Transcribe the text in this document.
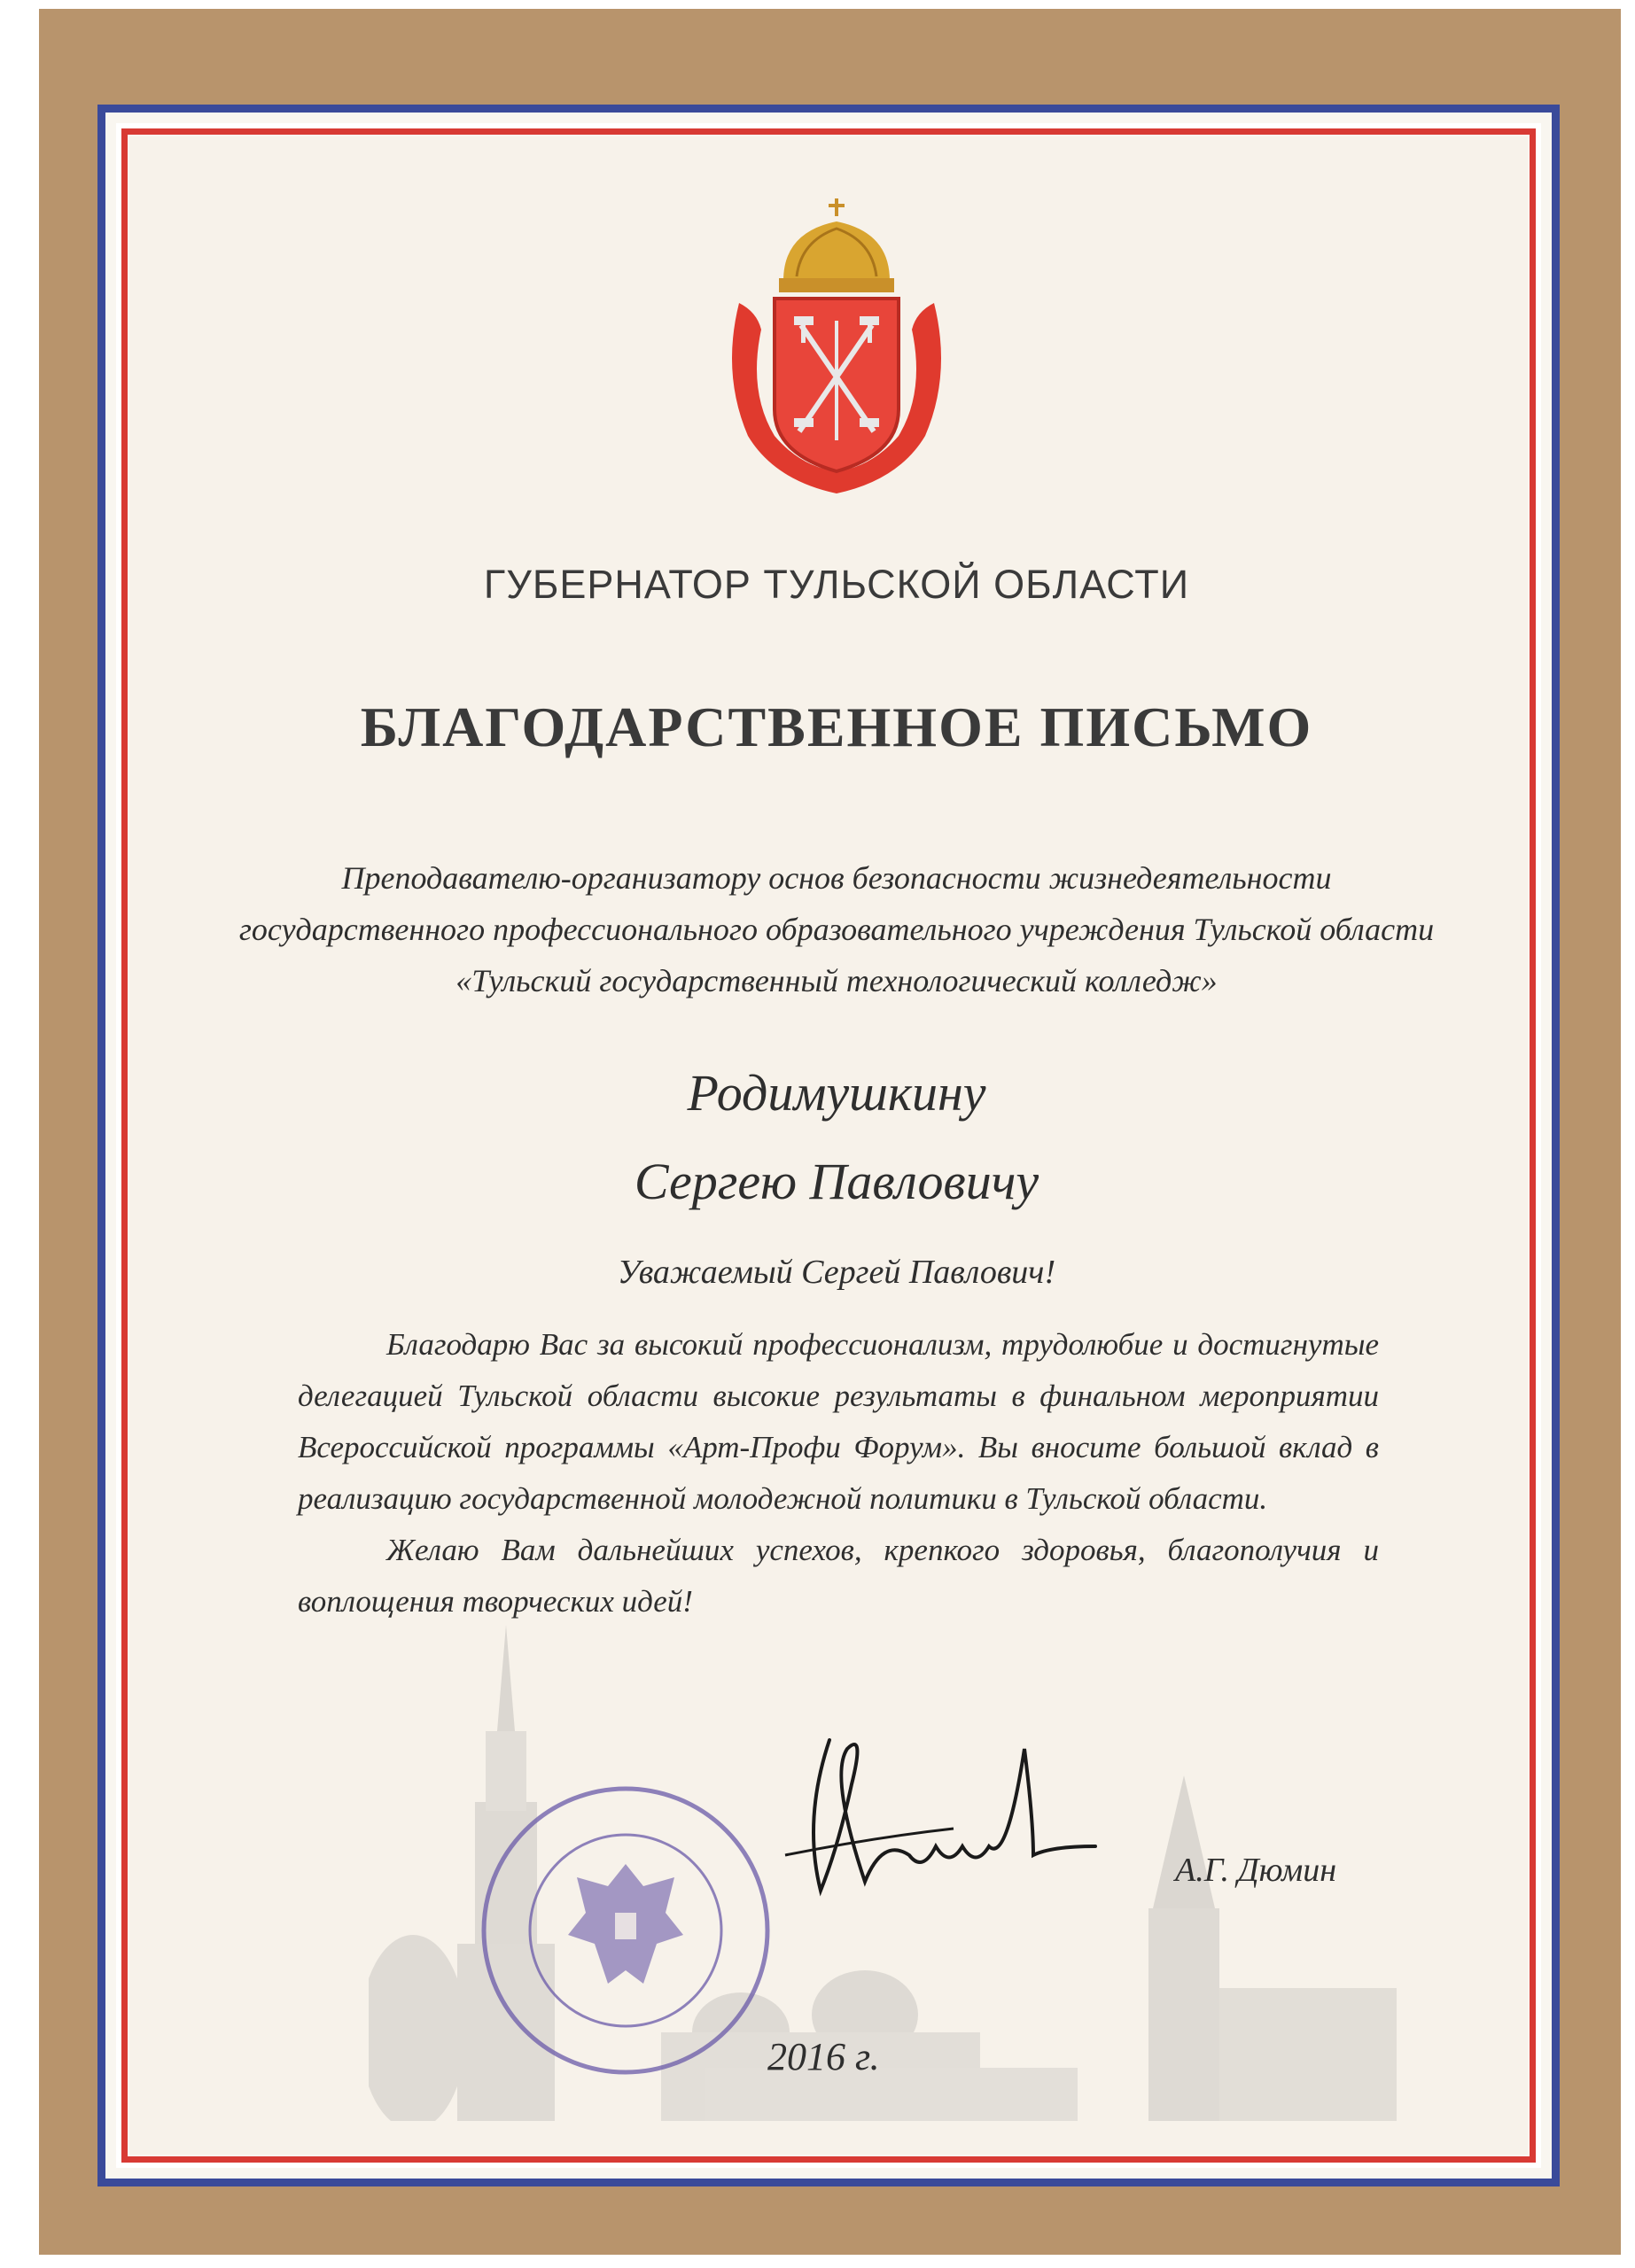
ГУБЕРНАТОР ТУЛЬСКОЙ ОБЛАСТИ
БЛАГОДАРСТВЕННОЕ ПИСЬМО
Преподавателю-организатору основ безопасности жизнедеятельности
государственного профессионального образовательного учреждения Тульской области
«Тульский государственный технологический колледж»
Родимушкину
Сергею Павловичу
Уважаемый Сергей Павлович!

Благодарю Вас за высокий профессионализм, трудолюбие и достигнутые делегацией Тульской области высокие результаты в финальном мероприятии Всероссийской программы «Арт-Профи Форум». Вы вносите большой вклад в реализацию государственной молодежной политики в Тульской области.

Желаю Вам дальнейших успехов, крепкого здоровья, благополучия и воплощения творческих идей!

А.Г. Дюмин
2016 г.
